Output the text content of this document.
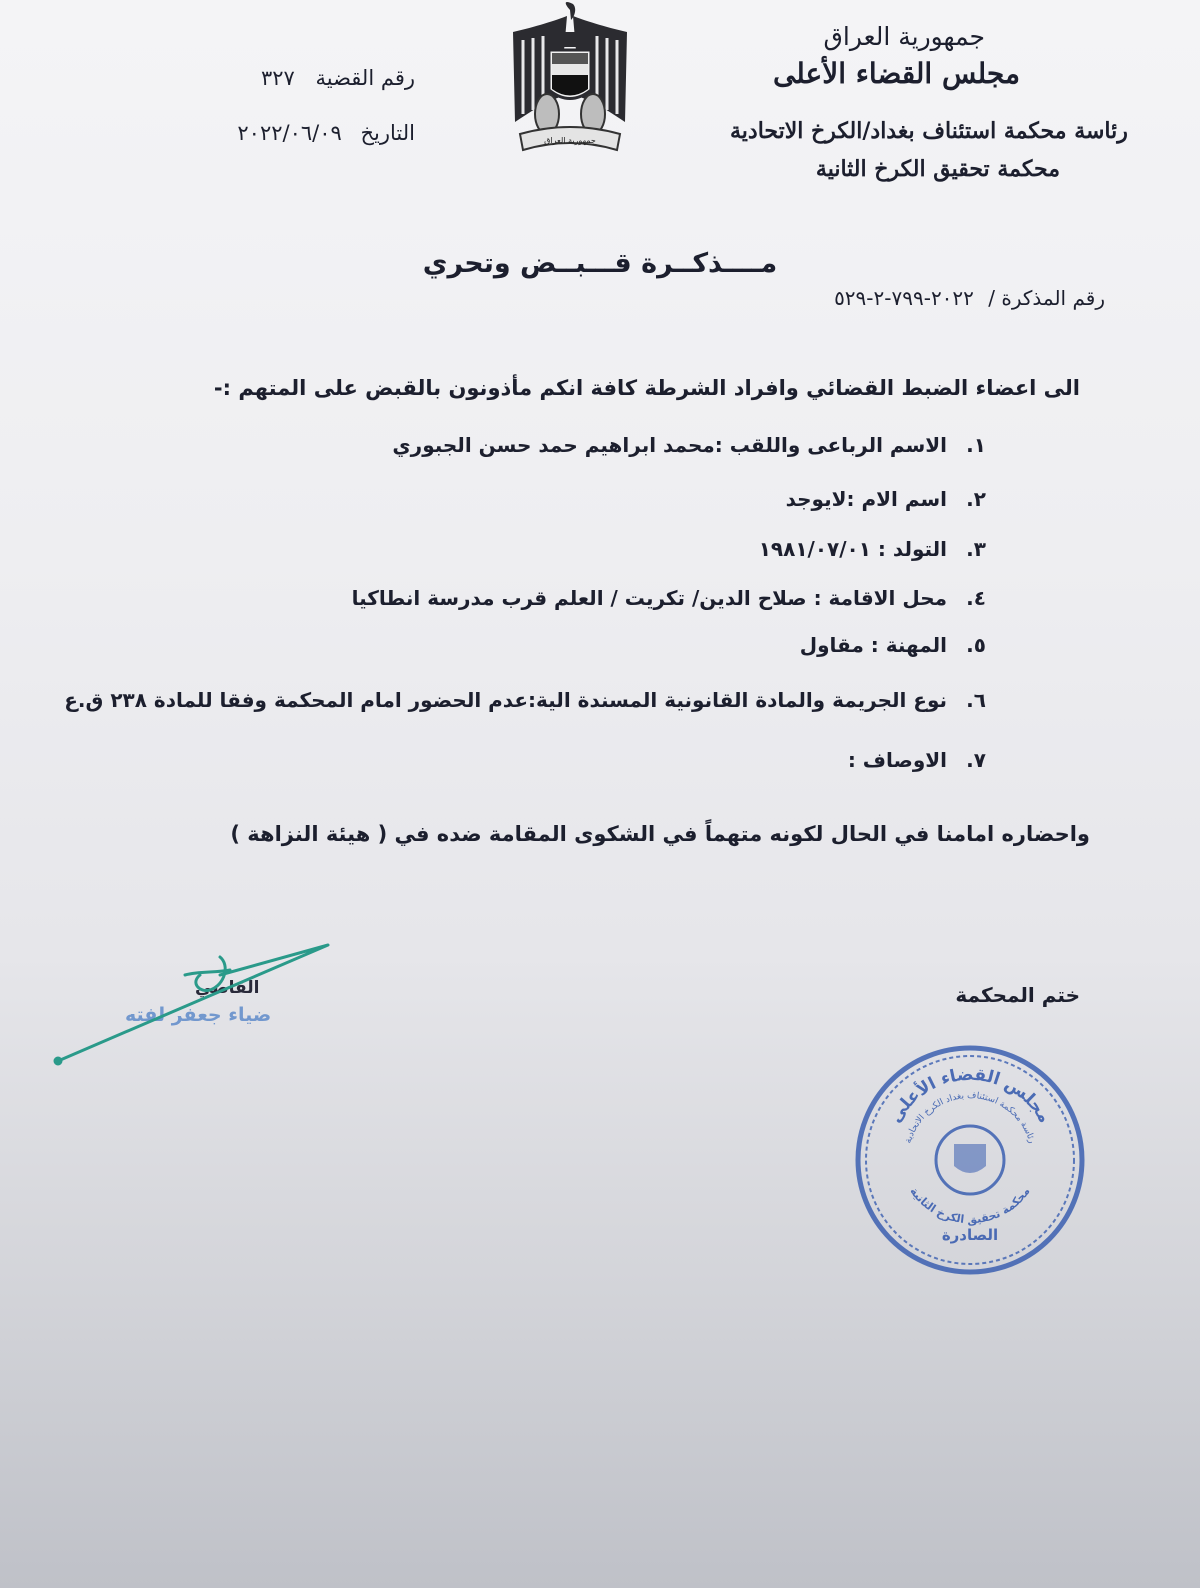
جمهورية العراق
مجلس القضاء الأعلى
رئاسة محكمة استئناف بغداد/الكرخ الاتحادية
محكمة تحقيق الكرخ الثانية
رقم القضية ٣٢٧
التاريخ ٢٠٢٢/٠٦/٠٩	جمهورية العراق
مــــذكــرة قـــبــض وتحري
رقم المذكرة / ٢٠٢٢-٧٩٩-٢-٥٢٩
الى اعضاء الضبط القضائي وافراد الشرطة كافة انكم مأذونون بالقبض على المتهم :-
١. الاسم الرباعى واللقب :محمد ابراهيم حمد حسن الجبوري
٢. اسم الام :لايوجد
٣. التولد : ١٩٨١/٠٧/٠١
٤. محل الاقامة : صلاح الدين/ تكريت / العلم قرب مدرسة انطاكيا
٥. المهنة : مقاول
٦. نوع الجريمة والمادة القانونية المسندة الية:عدم الحضور امام المحكمة وفقا للمادة ٢٣٨ ق.ع
٧. الاوصاف :
واحضاره امامنا في الحال لكونه متهماً في الشكوى المقامة ضده في ( هيئة النزاهة )
ختم المحكمة
القاضي
ضياء جعفر لفته
مجلس القضاء الأعلى
رئاسة محكمة استئناف بغداد الكرخ الاتحادية
محكمة تحقيق الكرخ الثانية
الصادرة
